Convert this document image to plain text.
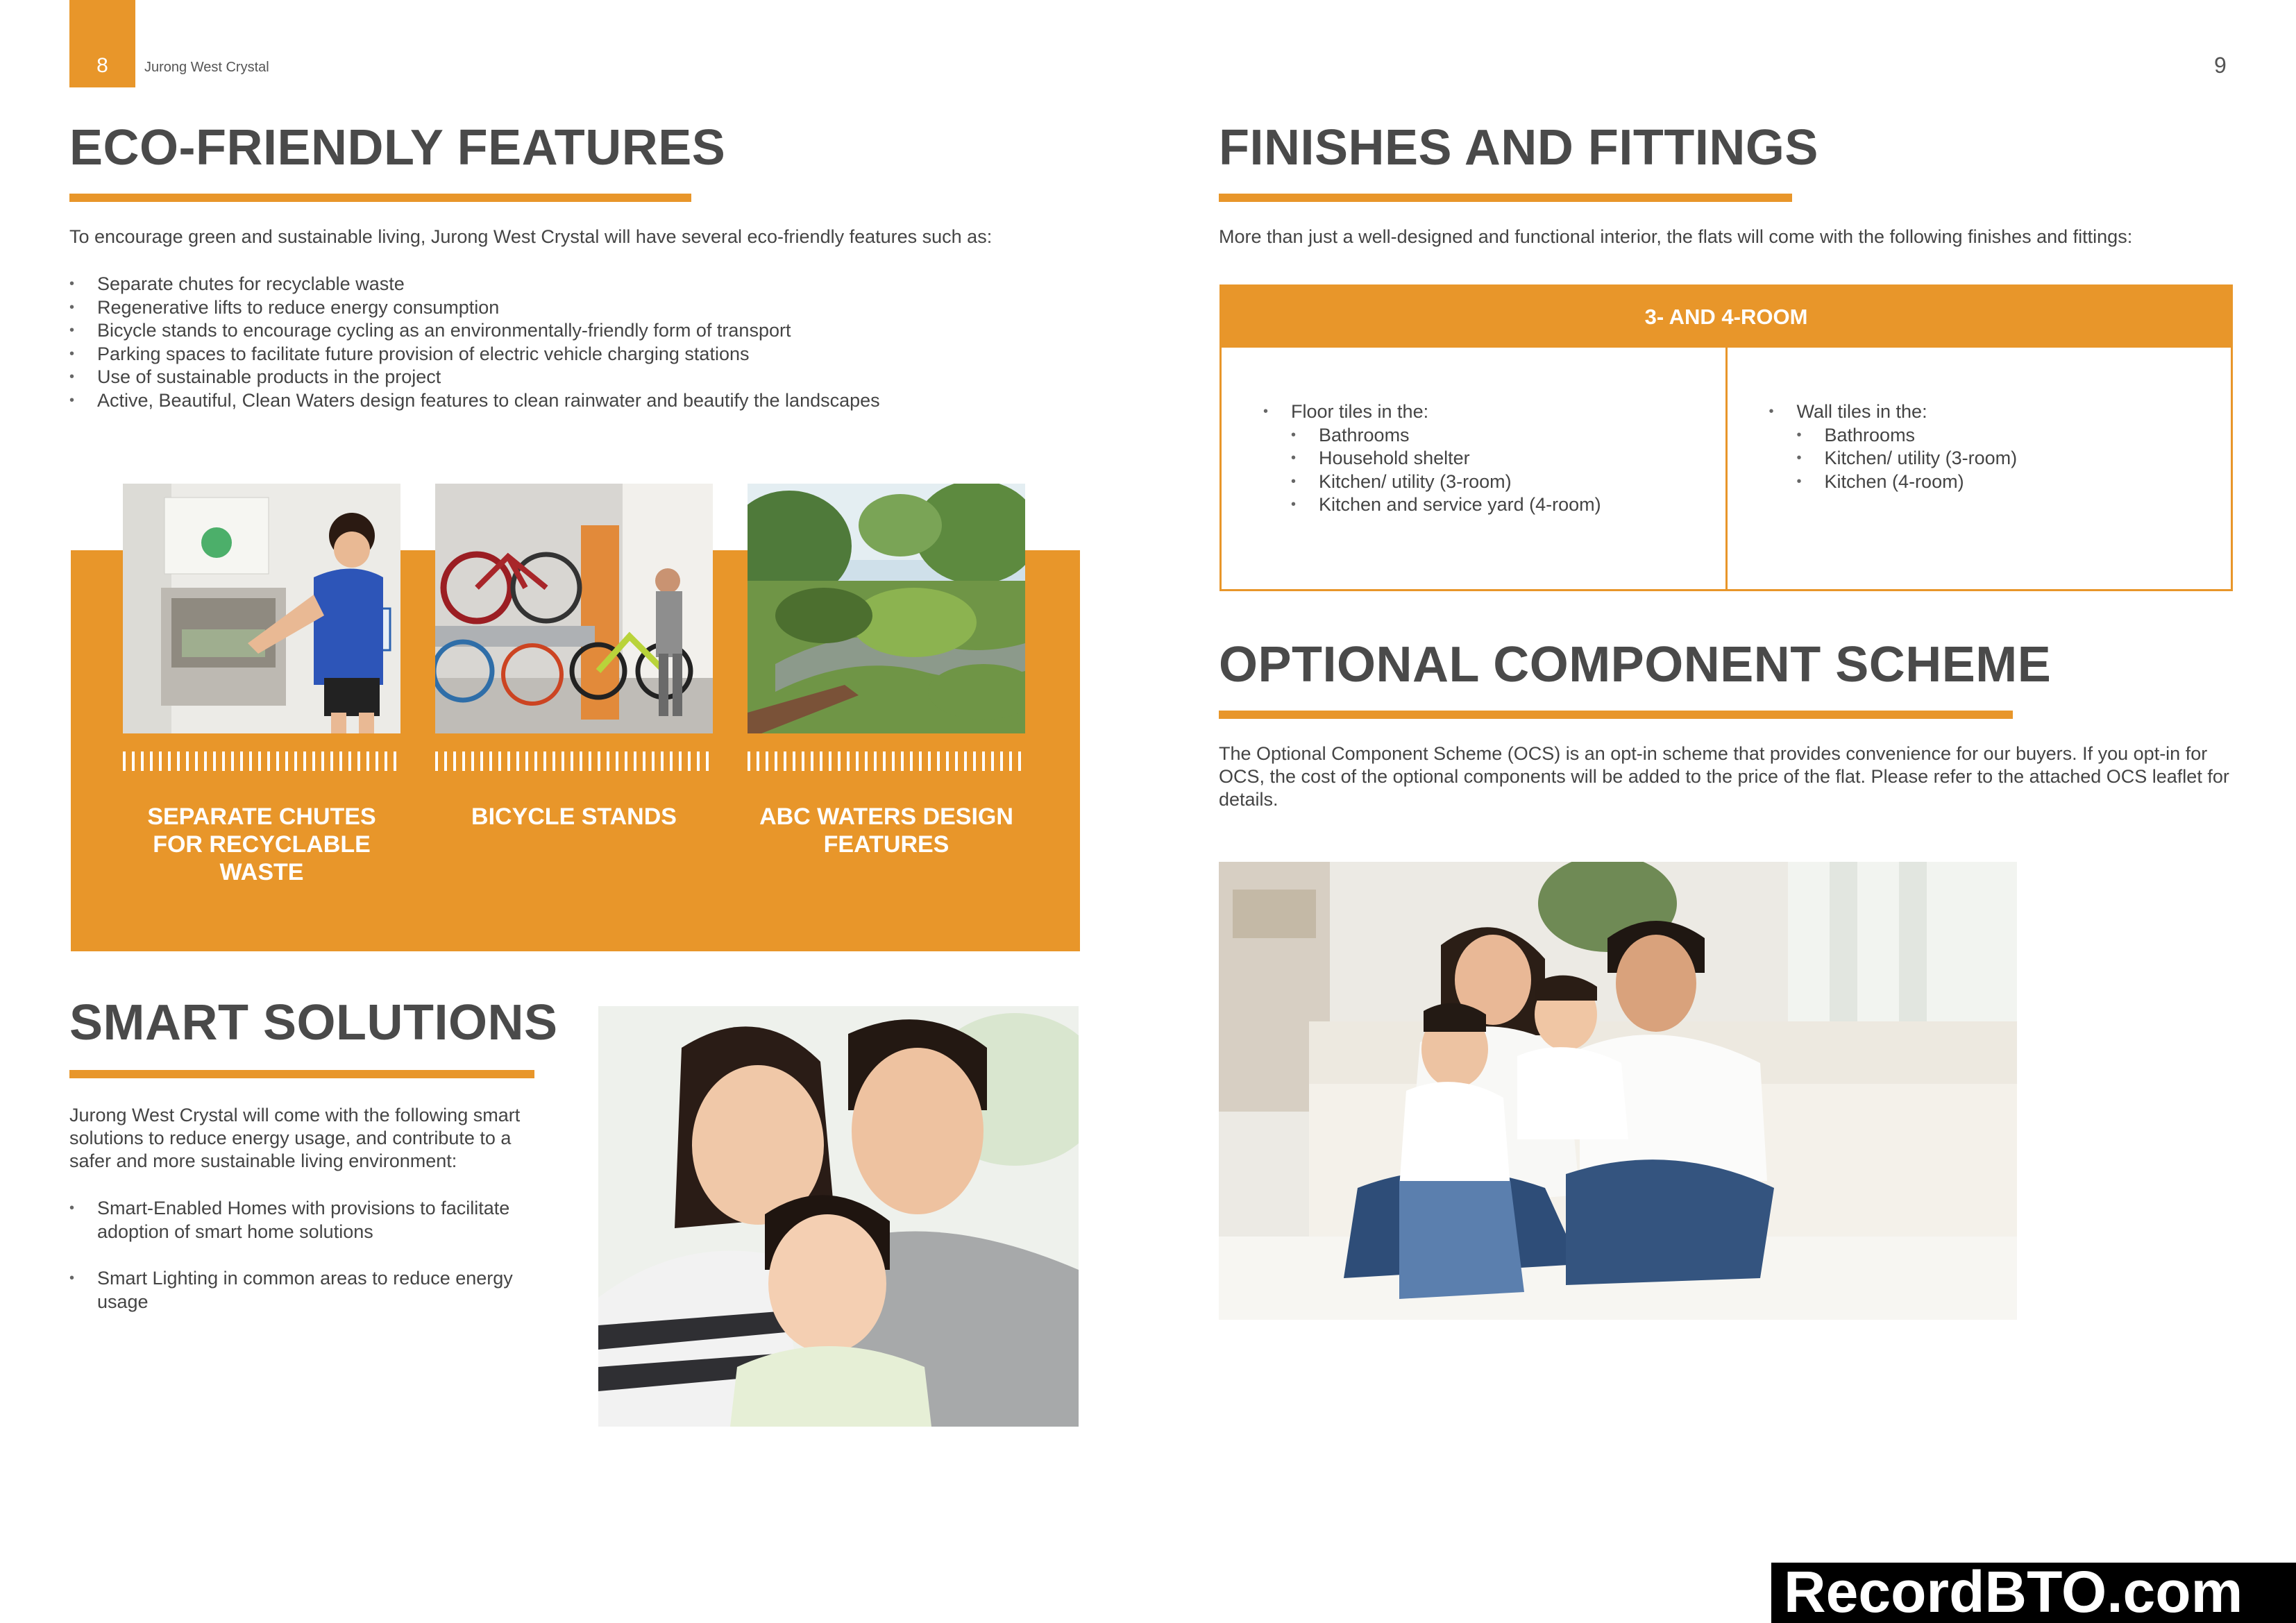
8	Jurong West Crystal	9
ECO-FRIENDLY FEATURES
To encourage green and sustainable living, Jurong West Crystal will have several eco-friendly features such as:
• Separate chutes for recyclable waste
• Regenerative lifts to reduce energy consumption
• Bicycle stands to encourage cycling as an environmentally-friendly form of transport
• Parking spaces to facilitate future provision of electric vehicle charging stations
• Use of sustainable products in the project
• Active, Beautiful, Clean Waters design features to clean rainwater and beautify the landscapes
SEPARATE CHUTES FOR RECYCLABLE WASTE
BICYCLE STANDS	ABC WATERS DESIGN FEATURES
SMART SOLUTIONS
Jurong West Crystal will come with the following smart solutions to reduce energy usage, and contribute to a safer and more sustainable living environment:
• Smart-Enabled Homes with provisions to facilitate adoption of smart home solutions
• Smart Lighting in common areas to reduce energy usage
FINISHES AND FITTINGS
More than just a well-designed and functional interior, the flats will come with the following finishes and fittings:
3- AND 4-ROOM
• Floor tiles in the:
• Bathrooms
• Household shelter
• Kitchen/ utility (3-room)
• Kitchen and service yard (4-room)
• Wall tiles in the:
• Bathrooms
• Kitchen/ utility (3-room)
• Kitchen (4-room)
OPTIONAL COMPONENT SCHEME
The Optional Component Scheme (OCS) is an opt-in scheme that provides convenience for our buyers. If you opt-in for OCS, the cost of the optional components will be added to the price of the flat. Please refer to the attached OCS leaflet for details.
RecordBTO.com
